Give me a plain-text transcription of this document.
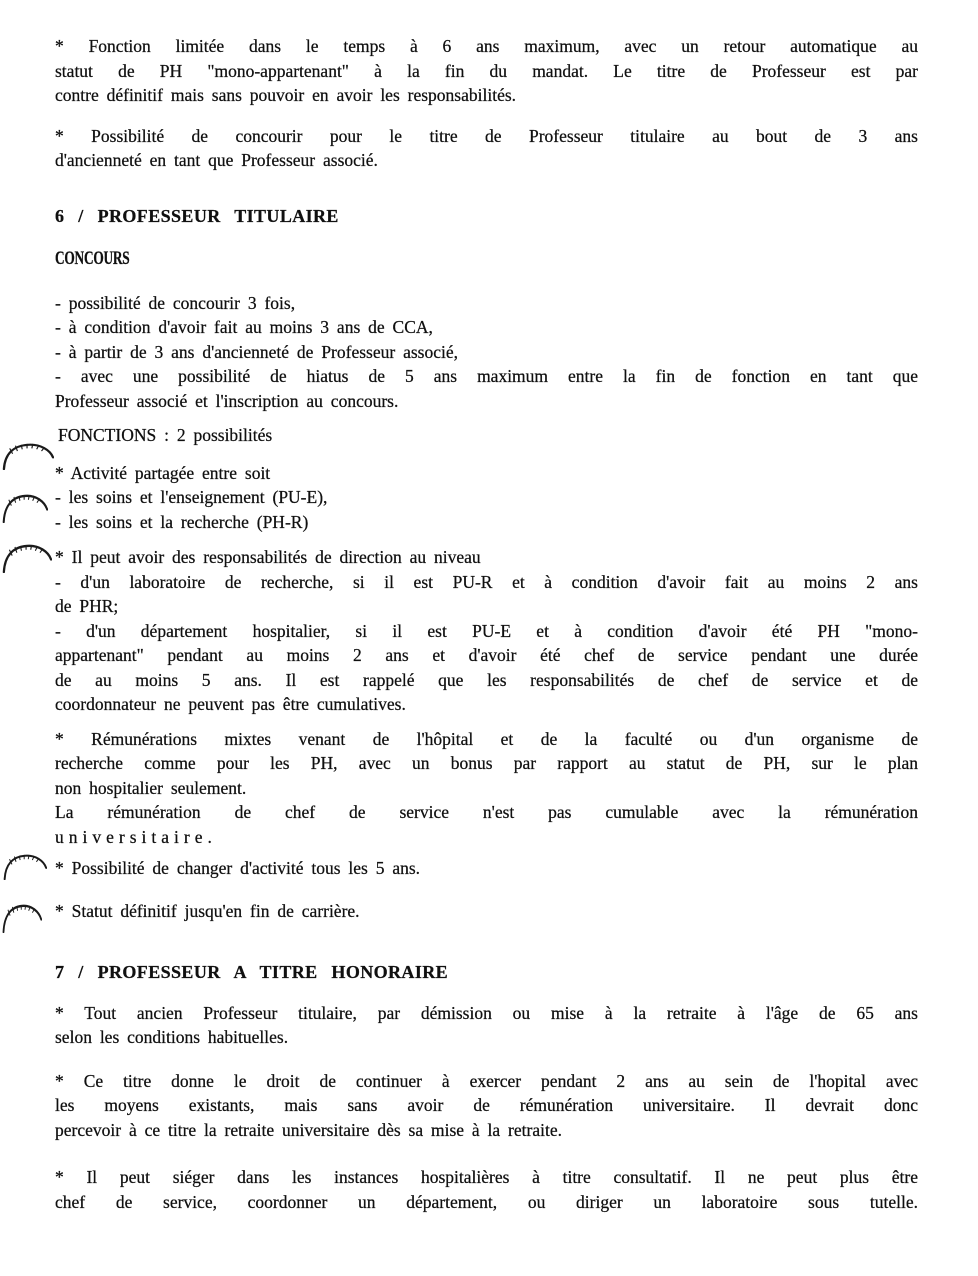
* Fonction limitée dans le temps à 6 ans maximum, avec un retour automatique au
statut de PH "mono-appartenant" à la fin du mandat. Le titre de Professeur est par
contre définitif mais sans pouvoir en avoir les responsabilités.
* Possibilité de concourir pour le titre de Professeur titulaire au bout de 3 ans
d'ancienneté en tant que Professeur associé.
6 / PROFESSEUR TITULAIRE
CONCOURS
- possibilité de concourir 3 fois,
- à condition d'avoir fait au moins 3 ans de CCA,
- à partir de 3 ans d'ancienneté de Professeur associé,
- avec une possibilité de hiatus de 5 ans maximum entre la fin de fonction en tant que
Professeur associé et l'inscription au concours.
FONCTIONS : 2 possibilités
* Activité partagée entre soit
- les soins et l'enseignement (PU-E),
- les soins et la recherche (PH-R)
* Il peut avoir des responsabilités de direction au niveau
- d'un laboratoire de recherche, si il est PU-R et à condition d'avoir fait au moins 2 ans
de PHR;
- d'un département hospitalier, si il est PU-E et à condition d'avoir été PH "mono-
appartenant" pendant au moins 2 ans et d'avoir été chef de service pendant une durée
de au moins 5 ans. Il est rappelé que les responsabilités de chef de service et de
coordonnateur ne peuvent pas être cumulatives.
* Rémunérations mixtes venant de l'hôpital et de la faculté ou d'un organisme de
recherche comme pour les PH, avec un bonus par rapport au statut de PH, sur le plan
non hospitalier seulement.
La rémunération de chef de service n'est pas cumulable avec la rémunération
universitaire.
* Possibilité de changer d'activité tous les 5 ans.
* Statut définitif jusqu'en fin de carrière.
7 / PROFESSEUR A TITRE HONORAIRE
* Tout ancien Professeur titulaire, par démission ou mise à la retraite à l'âge de 65 ans
selon les conditions habituelles.
* Ce titre donne le droit de continuer à exercer pendant 2 ans au sein de l'hopital avec
les moyens existants, mais sans avoir de rémunération universitaire. Il devrait donc
percevoir à ce titre la retraite universitaire dès sa mise à la retraite.
* Il peut siéger dans les instances hospitalières à titre consultatif. Il ne peut plus être
chef de service, coordonner un département, ou diriger un laboratoire sous tutelle.
